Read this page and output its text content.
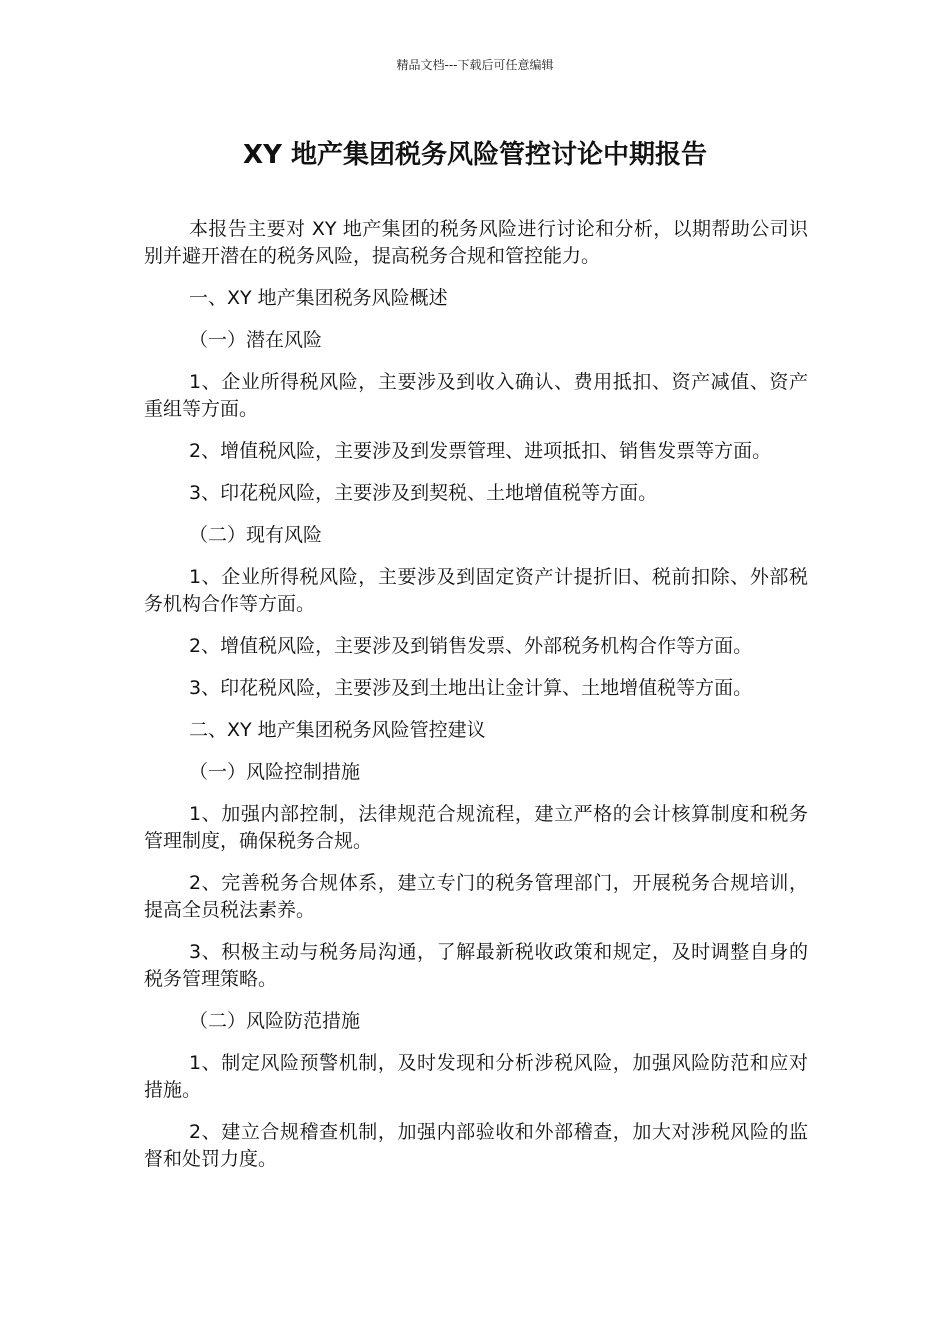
精品文档---下载后可任意编辑
XY 地产集团税务风险管控讨论中期报告

本报告主要对 XY 地产集团的税务风险进行讨论和分析，以期帮助公司识别并避开潜在的税务风险，提高税务合规和管控能力。

一、XY 地产集团税务风险概述

（一）潜在风险

1、企业所得税风险，主要涉及到收入确认、费用抵扣、资产减值、资产重组等方面。

2、增值税风险，主要涉及到发票管理、进项抵扣、销售发票等方面。

3、印花税风险，主要涉及到契税、土地增值税等方面。

（二）现有风险

1、企业所得税风险，主要涉及到固定资产计提折旧、税前扣除、外部税务机构合作等方面。

2、增值税风险，主要涉及到销售发票、外部税务机构合作等方面。

3、印花税风险，主要涉及到土地出让金计算、土地增值税等方面。

二、XY 地产集团税务风险管控建议

（一）风险控制措施

1、加强内部控制，法律规范合规流程，建立严格的会计核算制度和税务管理制度，确保税务合规。

2、完善税务合规体系，建立专门的税务管理部门，开展税务合规培训，提高全员税法素养。

3、积极主动与税务局沟通，了解最新税收政策和规定，及时调整自身的税务管理策略。

（二）风险防范措施

1、制定风险预警机制，及时发现和分析涉税风险，加强风险防范和应对措施。

2、建立合规稽查机制，加强内部验收和外部稽查，加大对涉税风险的监督和处罚力度。
